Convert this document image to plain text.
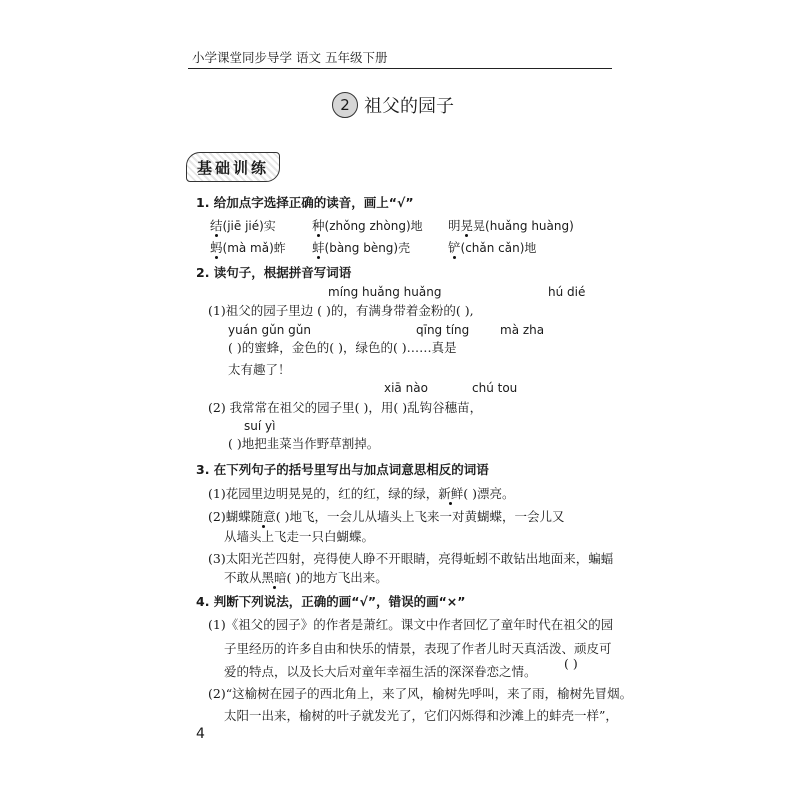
小学课堂同步导学 语文 五年级下册
2 祖父的园子
基础训练
1. 给加点字选择正确的读音，画上“√”
结(jiē jié)实	种(zhǒng zhòng)地 明晃晃(huǎng huàng)
蚂(mà mǎ)蚱 蚌(bàng bèng)壳	铲(chǎn cǎn)地
2. 读句子，根据拼音写词语
míng huǎng huǎng	hú dié
(1)祖父的园子里边 ( )的，有满身带着金粉的( ),
yuán gǔn gǔn	qīng tíng	mà zha
( )的蜜蜂，金色的( )，绿色的( )……真是
太有趣了！
xiā nào	chú tou
(2) 我常常在祖父的园子里( )，用( )乱钩谷穗苗，
suí yì
( )地把韭菜当作野草割掉。
3. 在下列句子的括号里写出与加点词意思相反的词语
(1)花园里边明晃晃的，红的红，绿的绿，新鲜( )漂亮。
(2)蝴蝶随意( )地飞，一会儿从墙头上飞来一对黄蝴蝶，一会儿又
从墙头上飞走一只白蝴蝶。
(3)太阳光芒四射，亮得使人睁不开眼睛，亮得蚯蚓不敢钻出地面来，蝙蝠
不敢从黑暗( )的地方飞出来。
4. 判断下列说法，正确的画“√”，错误的画“×”
(1)《祖父的园子》的作者是萧红。课文中作者回忆了童年时代在祖父的园
子里经历的许多自由和快乐的情景，表现了作者儿时天真活泼、顽皮可
爱的特点，以及长大后对童年幸福生活的深深眷恋之情。
( )
(2)“这榆树在园子的西北角上，来了风，榆树先呼叫，来了雨，榆树先冒烟。
太阳一出来，榆树的叶子就发光了，它们闪烁得和沙滩上的蚌壳一样”，
4
